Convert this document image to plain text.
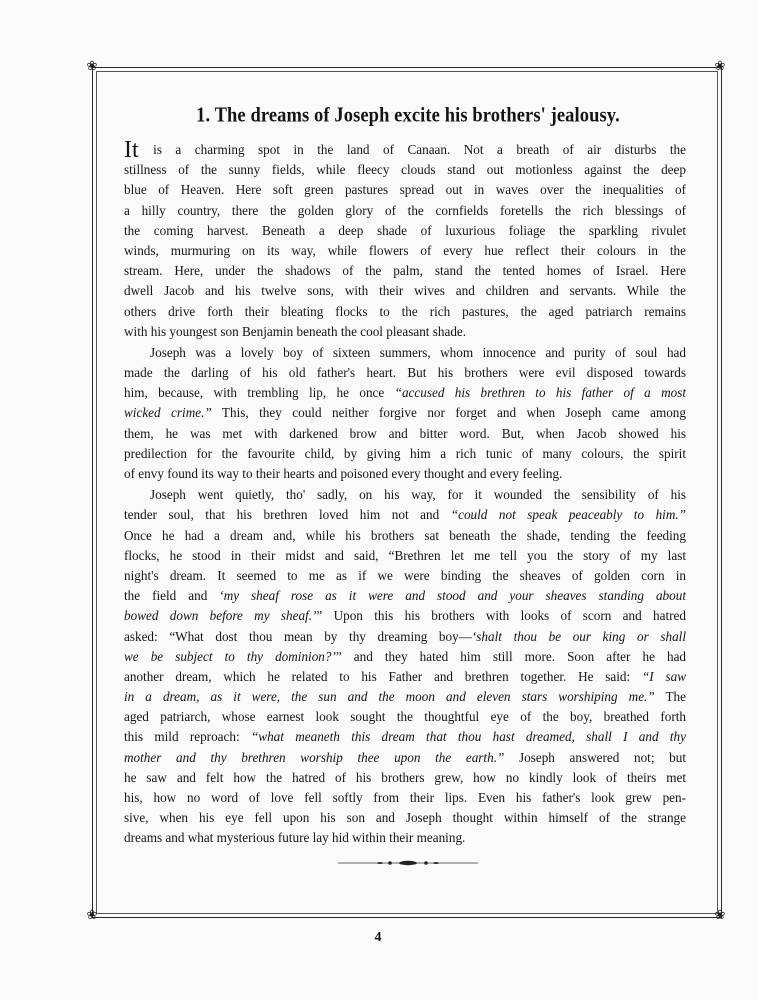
❀	❀
❀	❀
1. The dreams of Joseph excite his brothers' jealousy.
It is a charming spot in the land of Canaan. Not a breath of air disturbs the
stillness of the sunny fields, while fleecy clouds stand out motionless against the deep
blue of Heaven. Here soft green pastures spread out in waves over the inequalities of
a hilly country, there the golden glory of the cornfields foretells the rich blessings of
the coming harvest. Beneath a deep shade of luxurious foliage the sparkling rivulet
winds, murmuring on its way, while flowers of every hue reflect their colours in the
stream. Here, under the shadows of the palm, stand the tented homes of Israel. Here
dwell Jacob and his twelve sons, with their wives and children and servants. While the
others drive forth their bleating flocks to the rich pastures, the aged patriarch remains
with his youngest son Benjamin beneath the cool pleasant shade.
Joseph was a lovely boy of sixteen summers, whom innocence and purity of soul had
made the darling of his old father's heart. But his brothers were evil disposed towards
him, because, with trembling lip, he once “accused his brethren to his father of a most
wicked crime.” This, they could neither forgive nor forget and when Joseph came among
them, he was met with darkened brow and bitter word. But, when Jacob showed his
predilection for the favourite child, by giving him a rich tunic of many colours, the spirit
of envy found its way to their hearts and poisoned every thought and every feeling.
Joseph went quietly, tho' sadly, on his way, for it wounded the sensibility of his
tender soul, that his brethren loved him not and “could not speak peaceably to him.”
Once he had a dream and, while his brothers sat beneath the shade, tending the feeding
flocks, he stood in their midst and said, “Brethren let me tell you the story of my last
night's dream. It seemed to me as if we were binding the sheaves of golden corn in
the field and ‘my sheaf rose as it were and stood and your sheaves standing about
bowed down before my sheaf.’” Upon this his brothers with looks of scorn and hatred
asked: “What dost thou mean by thy dreaming boy—‘shalt thou be our king or shall
we be subject to thy dominion?’” and they hated him still more. Soon after he had
another dream, which he related to his Father and brethren together. He said: “I saw
in a dream, as it were, the sun and the moon and eleven stars worshiping me.” The
aged patriarch, whose earnest look sought the thoughtful eye of the boy, breathed forth
this mild reproach: “what meaneth this dream that thou hast dreamed, shall I and thy
mother and thy brethren worship thee upon the earth.” Joseph answered not; but
he saw and felt how the hatred of his brothers grew, how no kindly look of theirs met
his, how no word of love fell softly from their lips. Even his father's look grew pen-
sive, when his eye fell upon his son and Joseph thought within himself of the strange
dreams and what mysterious future lay hid within their meaning.
4
